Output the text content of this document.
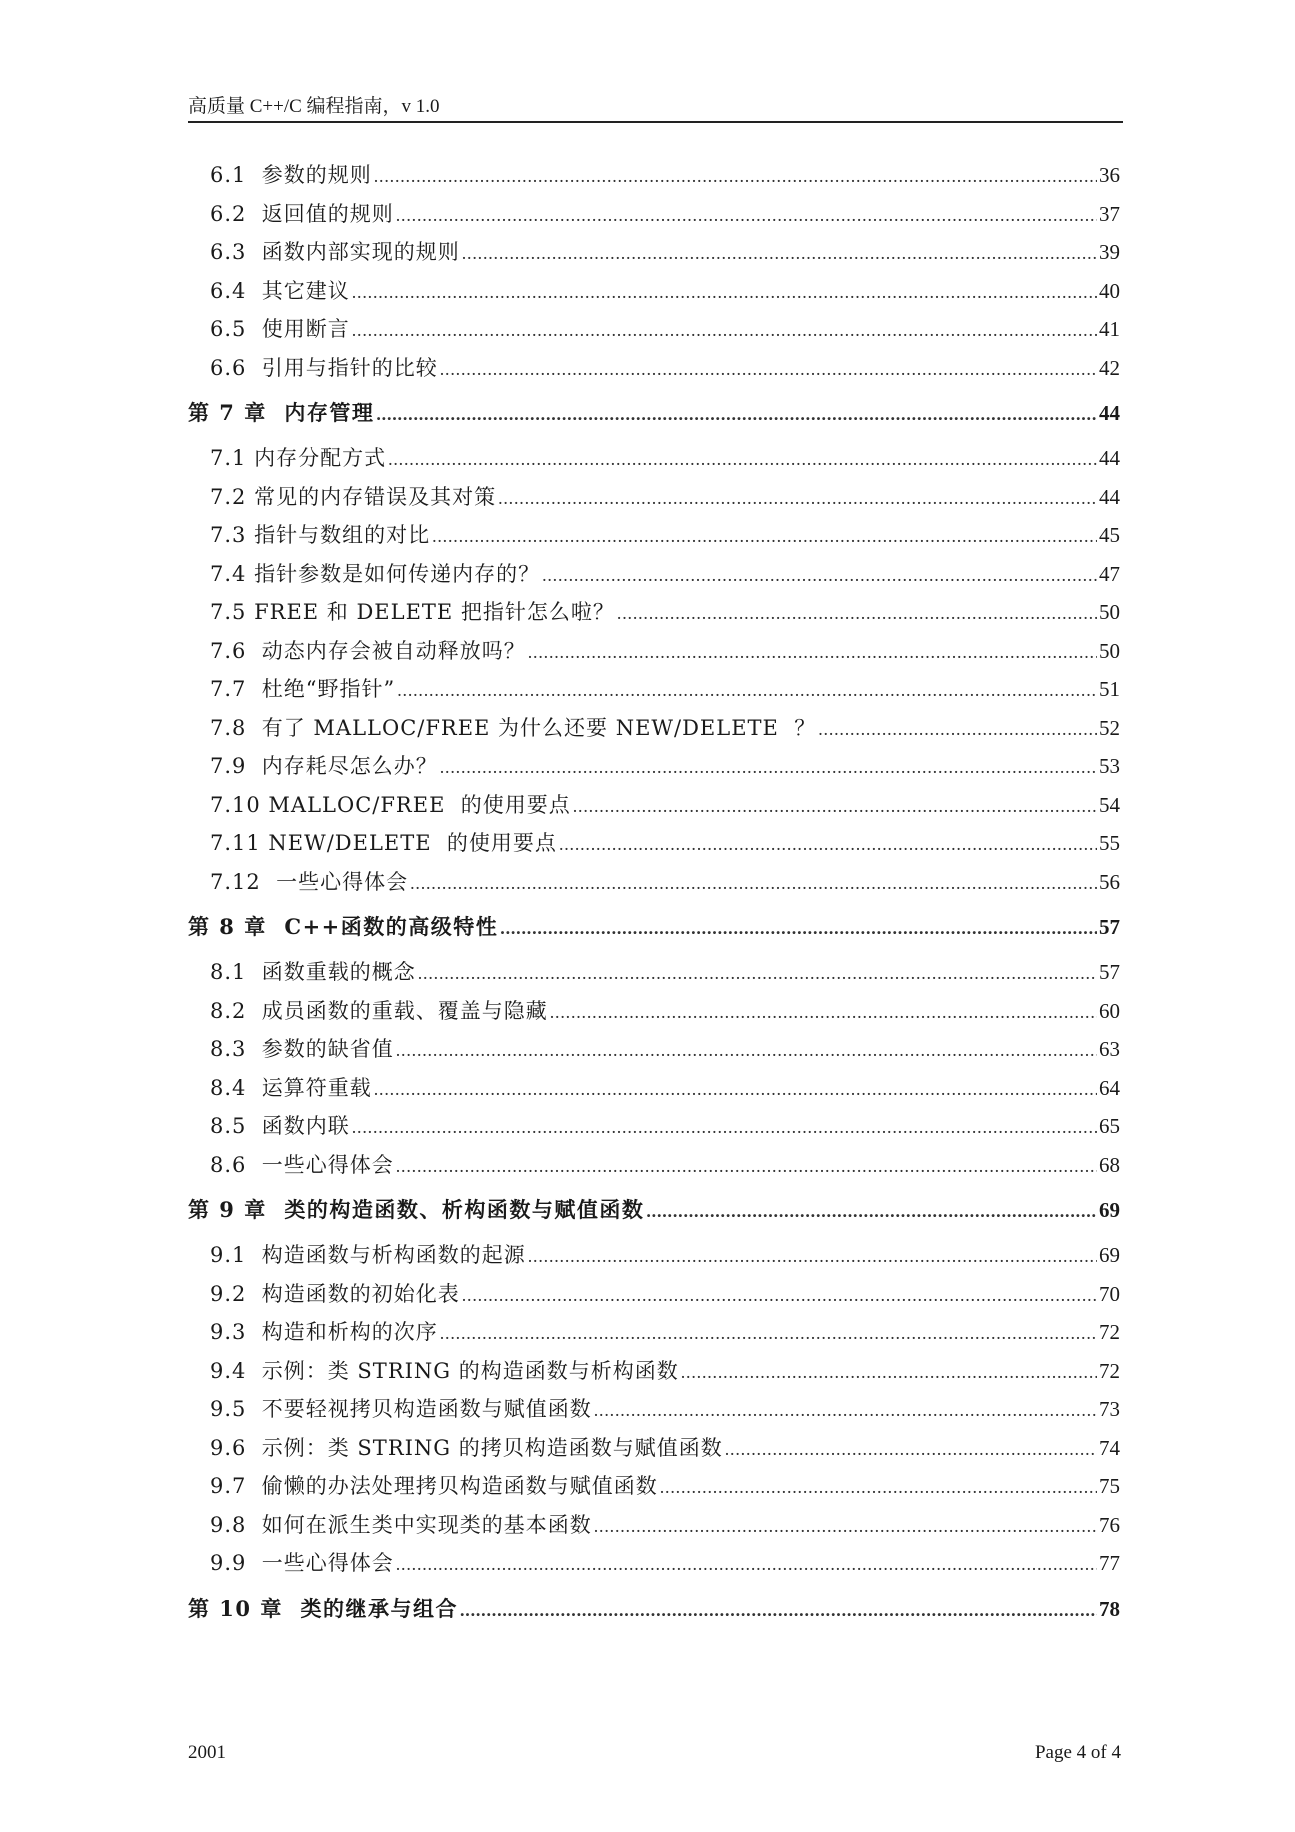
高质量 C++/C 编程指南，v 1.0
6.1  参数的规则 .....	36
6.2  返回值的规则 .....	37
6.3  函数内部实现的规则 .....	39
6.4  其它建议 .....	40
6.5  使用断言 .....	41
6.6  引用与指针的比较 .....	42
第 7 章  内存管理 .....	44
7.1 内存分配方式 .....	44
7.2 常见的内存错误及其对策 .....	44
7.3 指针与数组的对比 .....	45
7.4 指针参数是如何传递内存的？ .....	47
7.5 FREE 和 DELETE 把指针怎么啦？ .....	50
7.6  动态内存会被自动释放吗？ .....	50
7.7  杜绝“野指针” .....	51
7.8  有了 MALLOC/FREE 为什么还要 NEW/DELETE  ？ .....	52
7.9  内存耗尽怎么办？ .....	53
7.10 MALLOC/FREE  的使用要点 .....	54
7.11 NEW/DELETE  的使用要点 .....	55
7.12  一些心得体会 .....	56
第 8 章  C++函数的高级特性 .....	57
8.1  函数重载的概念 .....	57
8.2  成员函数的重载、覆盖与隐藏 .....	60
8.3  参数的缺省值 .....	63
8.4  运算符重载 .....	64
8.5  函数内联 .....	65
8.6  一些心得体会 .....	68
第 9 章  类的构造函数、析构函数与赋值函数 .....	69
9.1  构造函数与析构函数的起源 .....	69
9.2  构造函数的初始化表 .....	70
9.3  构造和析构的次序 .....	72
9.4  示例：类 STRING 的构造函数与析构函数 .....	72
9.5  不要轻视拷贝构造函数与赋值函数 .....	73
9.6  示例：类 STRING 的拷贝构造函数与赋值函数 .....	74
9.7  偷懒的办法处理拷贝构造函数与赋值函数 .....	75
9.8  如何在派生类中实现类的基本函数 .....	76
9.9  一些心得体会 .....	77
第 10 章  类的继承与组合 .....	78
2001	Page 4 of 4
